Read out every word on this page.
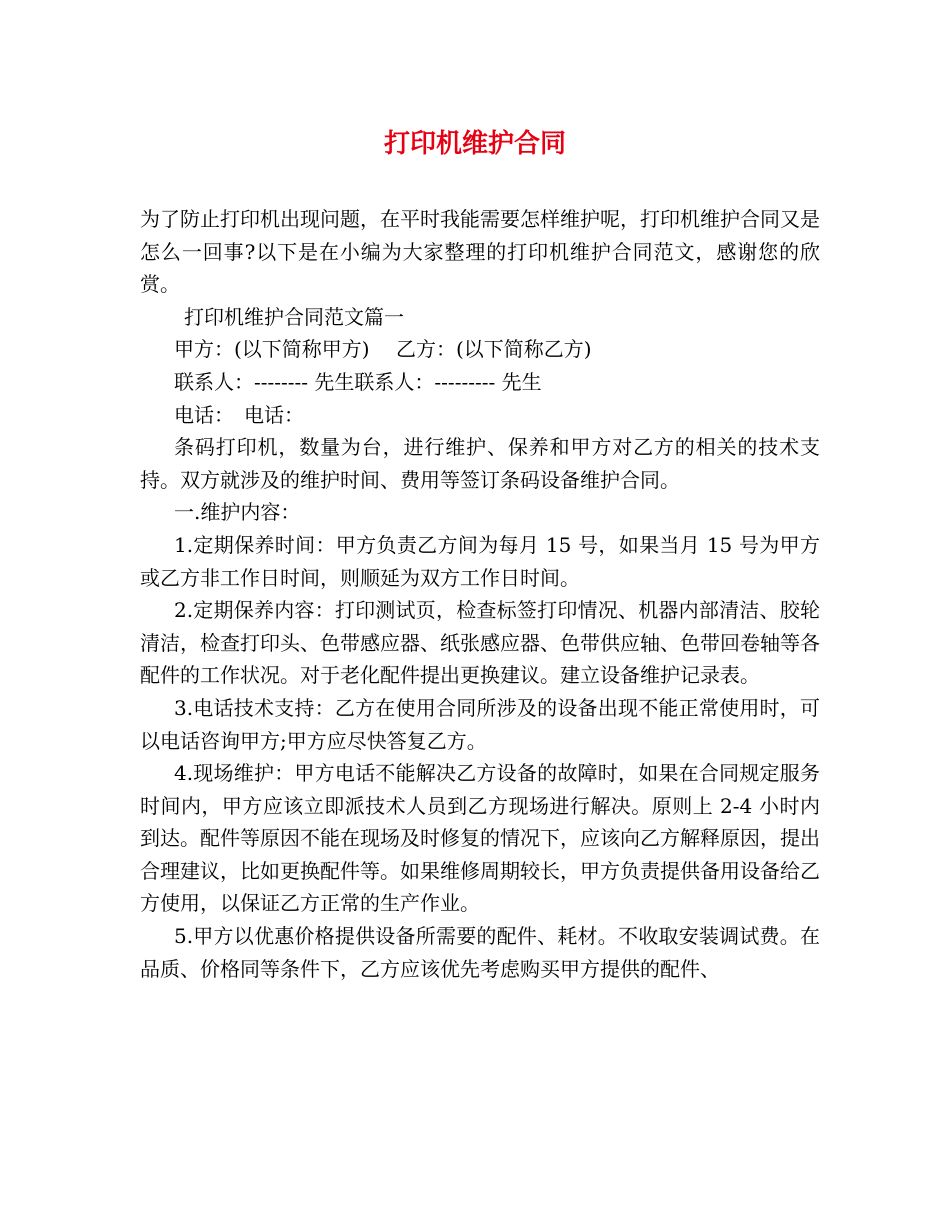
打印机维护合同

为了防止打印机出现问题，在平时我能需要怎样维护呢，打印机维护合同又是怎么一回事?以下是在小编为大家整理的打印机维护合同范文，感谢您的欣赏。

打印机维护合同范文篇一

甲方：(以下简称甲方)　 乙方：(以下简称乙方)

联系人：-------- 先生联系人：--------- 先生

电话：　电话：

条码打印机，数量为台，进行维护、保养和甲方对乙方的相关的技术支持。双方就涉及的维护时间、费用等签订条码设备维护合同。

一.维护内容：

1.定期保养时间：甲方负责乙方间为每月 15 号，如果当月 15 号为甲方或乙方非工作日时间，则顺延为双方工作日时间。

2.定期保养内容：打印测试页，检查标签打印情况、机器内部清洁、胶轮清洁，检查打印头、色带感应器、纸张感应器、色带供应轴、色带回卷轴等各配件的工作状况。对于老化配件提出更换建议。建立设备维护记录表。

3.电话技术支持：乙方在使用合同所涉及的设备出现不能正常使用时，可以电话咨询甲方;甲方应尽快答复乙方。

4.现场维护：甲方电话不能解决乙方设备的故障时，如果在合同规定服务时间内，甲方应该立即派技术人员到乙方现场进行解决。原则上 2-4 小时内到达。配件等原因不能在现场及时修复的情况下，应该向乙方解释原因，提出合理建议，比如更换配件等。如果维修周期较长，甲方负责提供备用设备给乙方使用，以保证乙方正常的生产作业。

5.甲方以优惠价格提供设备所需要的配件、耗材。不收取安装调试费。在品质、价格同等条件下，乙方应该优先考虑购买甲方提供的配件、
